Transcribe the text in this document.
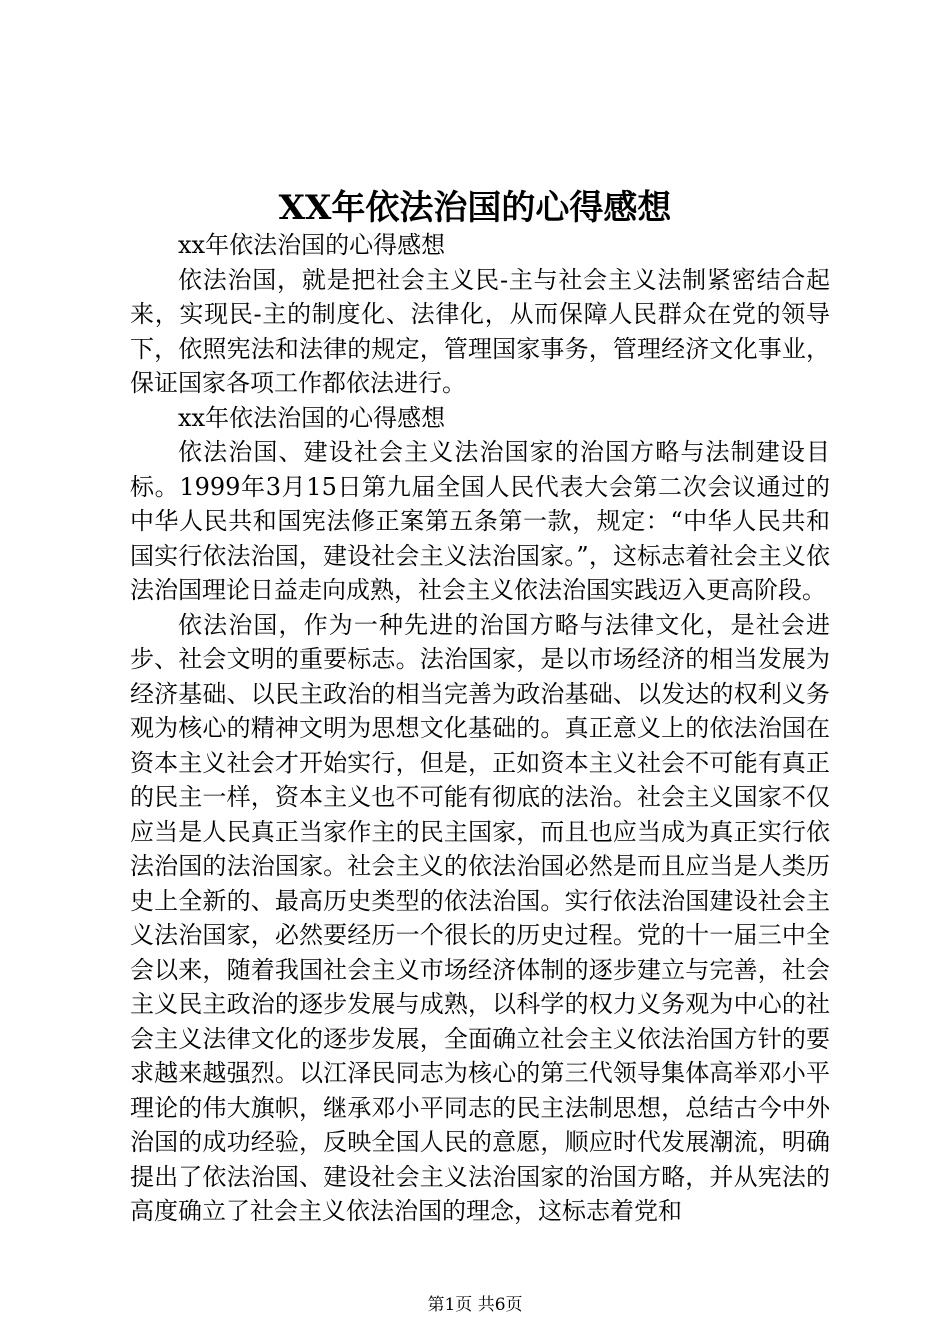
XX年依法治国的心得感想

xx年依法治国的心得感想

依法治国，就是把社会主义民-主与社会主义法制紧密结合起来，实现民-主的制度化、法律化，从而保障人民群众在党的领导下，依照宪法和法律的规定，管理国家事务，管理经济文化事业，保证国家各项工作都依法进行。

xx年依法治国的心得感想

依法治国、建设社会主义法治国家的治国方略与法制建设目标。1999年3月15日第九届全国人民代表大会第二次会议通过的中华人民共和国宪法修正案第五条第一款，规定：“中华人民共和国实行依法治国，建设社会主义法治国家。”，这标志着社会主义依法治国理论日益走向成熟，社会主义依法治国实践迈入更高阶段。

依法治国，作为一种先进的治国方略与法律文化，是社会进步、社会文明的重要标志。法治国家，是以市场经济的相当发展为经济基础、以民主政治的相当完善为政治基础、以发达的权利义务观为核心的精神文明为思想文化基础的。真正意义上的依法治国在资本主义社会才开始实行，但是，正如资本主义社会不可能有真正的民主一样，资本主义也不可能有彻底的法治。社会主义国家不仅应当是人民真正当家作主的民主国家，而且也应当成为真正实行依法治国的法治国家。社会主义的依法治国必然是而且应当是人类历史上全新的、最高历史类型的依法治国。实行依法治国建设社会主义法治国家，必然要经历一个很长的历史过程。党的十一届三中全会以来，随着我国社会主义市场经济体制的逐步建立与完善，社会主义民主政治的逐步发展与成熟，以科学的权力义务观为中心的社会主义法律文化的逐步发展，全面确立社会主义依法治国方针的要求越来越强烈。以江泽民同志为核心的第三代领导集体高举邓小平理论的伟大旗帜，继承邓小平同志的民主法制思想，总结古今中外治国的成功经验，反映全国人民的意愿，顺应时代发展潮流，明确提出了依法治国、建设社会主义法治国家的治国方略，并从宪法的高度确立了社会主义依法治国的理念，这标志着党和

第1页 共6页
